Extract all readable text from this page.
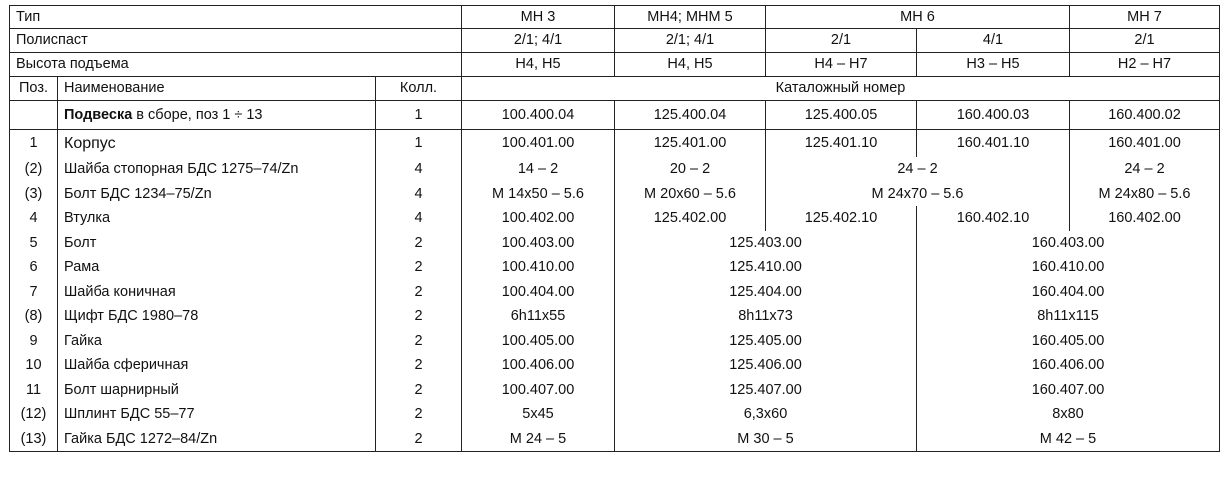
Тип			МН 3	МН4; МНМ 5	МН 6		МН 7
Полиспаст			2/1; 4/1	2/1; 4/1	2/1	4/1	2/1
Высота подъема			Н4, Н5	Н4, Н5	Н4 – Н7	Н3 – Н5	Н2 – Н7
Поз.	Наименование	Колл.	Каталожный номер				
	Подвеска в сборе, поз 1 ÷ 13	1	100.400.04	125.400.04	125.400.05	160.400.03	160.400.02
1	Корпус	1	100.401.00	125.401.00	125.401.10	160.401.10	160.401.00
(2)	Шайба стопорная БДС 1275–74/Zn	4	14 – 2	20 – 2	24 – 2		24 – 2
(3)	Болт БДС 1234–75/Zn	4	М 14x50 – 5.6	М 20x60 – 5.6	М 24x70 – 5.6		М 24x80 – 5.6
4	Втулка	4	100.402.00	125.402.00	125.402.10	160.402.10	160.402.00
5	Болт	2	100.403.00	125.403.00		160.403.00	
6	Рама	2	100.410.00	125.410.00		160.410.00	
7	Шайба коничная	2	100.404.00	125.404.00		160.404.00	
(8)	Щифт БДС 1980–78	2	6h11x55	8h11x73		8h11x115	
9	Гайка	2	100.405.00	125.405.00		160.405.00	
10	Шайба сферичная	2	100.406.00	125.406.00		160.406.00	
11	Болт шарнирный	2	100.407.00	125.407.00		160.407.00	
(12)	Шплинт БДС 55–77	2	5x45	6,3x60		8x80	
(13)	Гайка БДС 1272–84/Zn	2	М 24 – 5	М 30 – 5		М 42 – 5	
